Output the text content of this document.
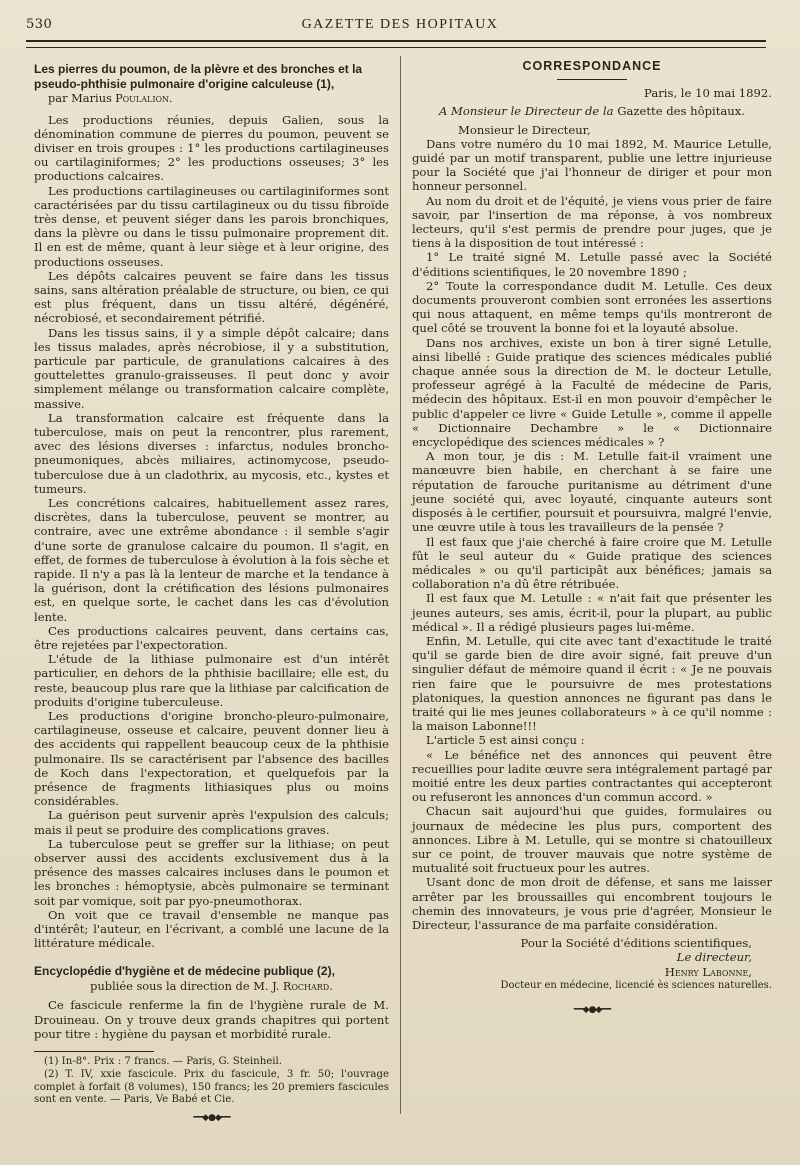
530	GAZETTE DES HOPITAUX
Les pierres du poumon, de la plèvre et des bronches et la pseudo-phthisie pulmonaire d'origine calculeuse (1),
par Marius Poulalion.

Les productions réunies, depuis Galien, sous la dénomination commune de pierres du poumon, peuvent se diviser en trois groupes : 1° les productions cartilagineuses ou cartilaginiformes; 2° les productions osseuses; 3° les productions calcaires.

Les productions cartilagineuses ou cartilaginiformes sont caractérisées par du tissu cartilagineux ou du tissu fibroïde très dense, et peuvent siéger dans les parois bronchiques, dans la plèvre ou dans le tissu pulmonaire proprement dit. Il en est de même, quant à leur siège et à leur origine, des productions osseuses.

Les dépôts calcaires peuvent se faire dans les tissus sains, sans altération préalable de structure, ou bien, ce qui est plus fréquent, dans un tissu altéré, dégénéré, nécrobiosé, et secondairement pétrifié.

Dans les tissus sains, il y a simple dépôt calcaire; dans les tissus malades, après nécrobiose, il y a substitution, particule par particule, de granulations calcaires à des gouttelettes granulo-graisseuses. Il peut donc y avoir simplement mélange ou transformation calcaire complète, massive.

La transformation calcaire est fréquente dans la tuberculose, mais on peut la rencontrer, plus rarement, avec des lésions diverses : infarctus, nodules broncho-pneumoniques, abcès miliaires, actinomycose, pseudo-tuberculose due à un cladothrix, au mycosis, etc., kystes et tumeurs.

Les concrétions calcaires, habituellement assez rares, discrètes, dans la tuberculose, peuvent se montrer, au contraire, avec une extrême abondance : il semble s'agir d'une sorte de granulose calcaire du poumon. Il s'agit, en effet, de formes de tuberculose à évolution à la fois sèche et rapide. Il n'y a pas là la lenteur de marche et la tendance à la guérison, dont la crétification des lésions pulmonaires est, en quelque sorte, le cachet dans les cas d'évolution lente.

Ces productions calcaires peuvent, dans certains cas, être rejetées par l'expectoration.

L'étude de la lithiase pulmonaire est d'un intérêt particulier, en dehors de la phthisie bacillaire; elle est, du reste, beaucoup plus rare que la lithiase par calcification de produits d'origine tuberculeuse.

Les productions d'origine broncho-pleuro-pulmonaire, cartilagineuse, osseuse et calcaire, peuvent donner lieu à des accidents qui rappellent beaucoup ceux de la phthisie pulmonaire. Ils se caractérisent par l'absence des bacilles de Koch dans l'expectoration, et quelquefois par la présence de fragments lithiasiques plus ou moins considérables.

La guérison peut survenir après l'expulsion des calculs; mais il peut se produire des complications graves.

La tuberculose peut se greffer sur la lithiase; on peut observer aussi des accidents exclusivement dus à la présence des masses calcaires incluses dans le poumon et les bronches : hémoptysie, abcès pulmonaire se terminant soit par vomique, soit par pyo-pneumothorax.

On voit que ce travail d'ensemble ne manque pas d'intérêt; l'auteur, en l'écrivant, a comblé une lacune de la littérature médicale.

Encyclopédie d'hygiène et de médecine publique (2),

publiée sous la direction de M. J. Rochard.

Ce fascicule renferme la fin de l'hygiène rurale de M. Drouineau. On y trouve deux grands chapitres qui portent pour titre : hygiène du paysan et morbidité rurale.

(1) In-8°. Prix : 7 francs. — Paris, G. Steinheil.

(2) T. IV, xxie fascicule. Prix du fascicule, 3 fr. 50; l'ouvrage complet à forfait (8 volumes), 150 francs; les 20 premiers fascicules sont en vente. — Paris, Ve Babé et Cie.

━━◆●◆━━
CORRESPONDANCE

Paris, le 10 mai 1892.

A Monsieur le Directeur de la Gazette des hôpitaux.

Monsieur le Directeur,

Dans votre numéro du 10 mai 1892, M. Maurice Letulle, guidé par un motif transparent, publie une lettre injurieuse pour la Société que j'ai l'honneur de diriger et pour mon honneur personnel.

Au nom du droit et de l'équité, je viens vous prier de faire savoir, par l'insertion de ma réponse, à vos nombreux lecteurs, qu'il s'est permis de prendre pour juges, que je tiens à la disposition de tout intéressé :

1° Le traité signé M. Letulle passé avec la Société d'éditions scientifiques, le 20 novembre 1890 ;

2° Toute la correspondance dudit M. Letulle. Ces deux documents prouveront combien sont erronées les assertions qui nous attaquent, en même temps qu'ils montreront de quel côté se trouvent la bonne foi et la loyauté absolue.

Dans nos archives, existe un bon à tirer signé Letulle, ainsi libellé : Guide pratique des sciences médicales publié chaque année sous la direction de M. le docteur Letulle, professeur agrégé à la Faculté de médecine de Paris, médecin des hôpitaux. Est-il en mon pouvoir d'empêcher le public d'appeler ce livre « Guide Letulle », comme il appelle « Dictionnaire Dechambre » le « Dictionnaire encyclopédique des sciences médicales » ?

A mon tour, je dis : M. Letulle fait-il vraiment une manœuvre bien habile, en cherchant à se faire une réputation de farouche puritanisme au détriment d'une jeune société qui, avec loyauté, cinquante auteurs sont disposés à le certifier, poursuit et poursuivra, malgré l'envie, une œuvre utile à tous les travailleurs de la pensée ?

Il est faux que j'aie cherché à faire croire que M. Letulle fût le seul auteur du « Guide pratique des sciences médicales » ou qu'il participât aux bénéfices; jamais sa collaboration n'a dû être rétribuée.

Il est faux que M. Letulle : « n'ait fait que présenter les jeunes auteurs, ses amis, écrit-il, pour la plupart, au public médical ». Il a rédigé plusieurs pages lui-même.

Enfin, M. Letulle, qui cite avec tant d'exactitude le traité qu'il se garde bien de dire avoir signé, fait preuve d'un singulier défaut de mémoire quand il écrit : « Je ne pouvais rien faire que le poursuivre de mes protestations platoniques, la question annonces ne figurant pas dans le traité qui lie mes jeunes collaborateurs » à ce qu'il nomme : la maison Labonne!!!

L'article 5 est ainsi conçu :

« Le bénéfice net des annonces qui peuvent être recueillies pour ladite œuvre sera intégralement partagé par moitié entre les deux parties contractantes qui accepteront ou refuseront les annonces d'un commun accord. »

Chacun sait aujourd'hui que guides, formulaires ou journaux de médecine les plus purs, comportent des annonces. Libre à M. Letulle, qui se montre si chatouilleux sur ce point, de trouver mauvais que notre système de mutualité soit fructueux pour les autres.

Usant donc de mon droit de défense, et sans me laisser arrêter par les broussailles qui encombrent toujours le chemin des innovateurs, je vous prie d'agréer, Monsieur le Directeur, l'assurance de ma parfaite considération.

Pour la Société d'éditions scientifiques,

Le directeur,

Henry Labonne,

Docteur en médecine, licencié ès sciences naturelles.

━━◆●◆━━
